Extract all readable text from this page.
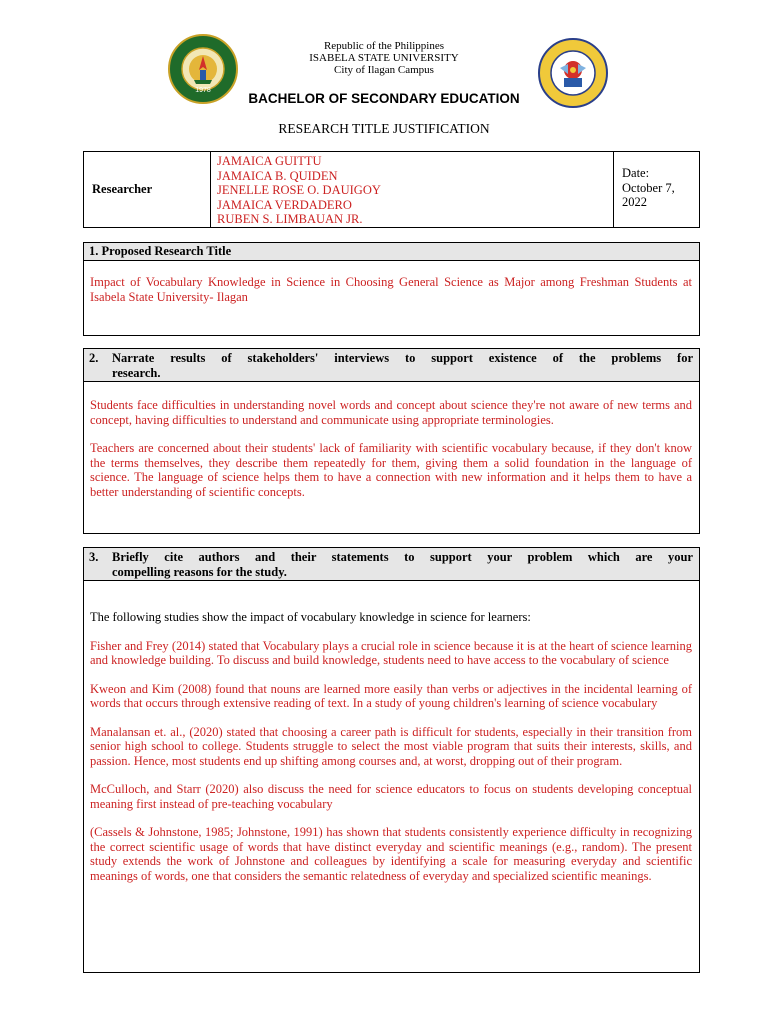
1978
Republic of the Philippines
ISABELA STATE UNIVERSITY
City of Ilagan Campus
BACHELOR OF SECONDARY EDUCATION
RESEARCH TITLE JUSTIFICATION
Researcher
JAMAICA GUITTU
JAMAICA B. QUIDEN
JENELLE ROSE O. DAUIGOY
JAMAICA VERDADERO
RUBEN S. LIMBAUAN JR.
Date:
October 7,
2022
1. Proposed Research Title

Impact of Vocabulary Knowledge in Science in Choosing General Science as Major among Freshman Students at Isabela State University- Ilagan

2. Narrate results of stakeholders' interviews to support existence of the problems for
research.

Students face difficulties in understanding novel words and concept about science they're not aware of new terms and concept, having difficulties to understand and communicate using appropriate terminologies.

Teachers are concerned about their students' lack of familiarity with scientific vocabulary because, if they don't know the terms themselves, they describe them repeatedly for them, giving them a solid foundation in the language of science. The language of science helps them to have a connection with new information and it helps them to have a better understanding of scientific concepts.

3. Briefly cite authors and their statements to support your problem which are your
compelling reasons for the study.

The following studies show the impact of vocabulary knowledge in science for learners:

Fisher and Frey (2014) stated that Vocabulary plays a crucial role in science because it is at the heart of science learning and knowledge building. To discuss and build knowledge, students need to have access to the vocabulary of science

Kweon and Kim (2008) found that nouns are learned more easily than verbs or adjectives in the incidental learning of words that occurs through extensive reading of text. In a study of young children's learning of science vocabulary

Manalansan et. al., (2020) stated that choosing a career path is difficult for students, especially in their transition from senior high school to college. Students struggle to select the most viable program that suits their interests, skills, and passion. Hence, most students end up shifting among courses and, at worst, dropping out of their program.

McCulloch, and Starr (2020) also discuss the need for science educators to focus on students developing conceptual meaning first instead of pre-teaching vocabulary

(Cassels & Johnstone, 1985; Johnstone, 1991) has shown that students consistently experience difficulty in recognizing the correct scientific usage of words that have distinct everyday and scientific meanings (e.g., random). The present study extends the work of Johnstone and colleagues by identifying a scale for measuring everyday and scientific meanings of words, one that considers the semantic relatedness of everyday and specialized scientific meanings.
